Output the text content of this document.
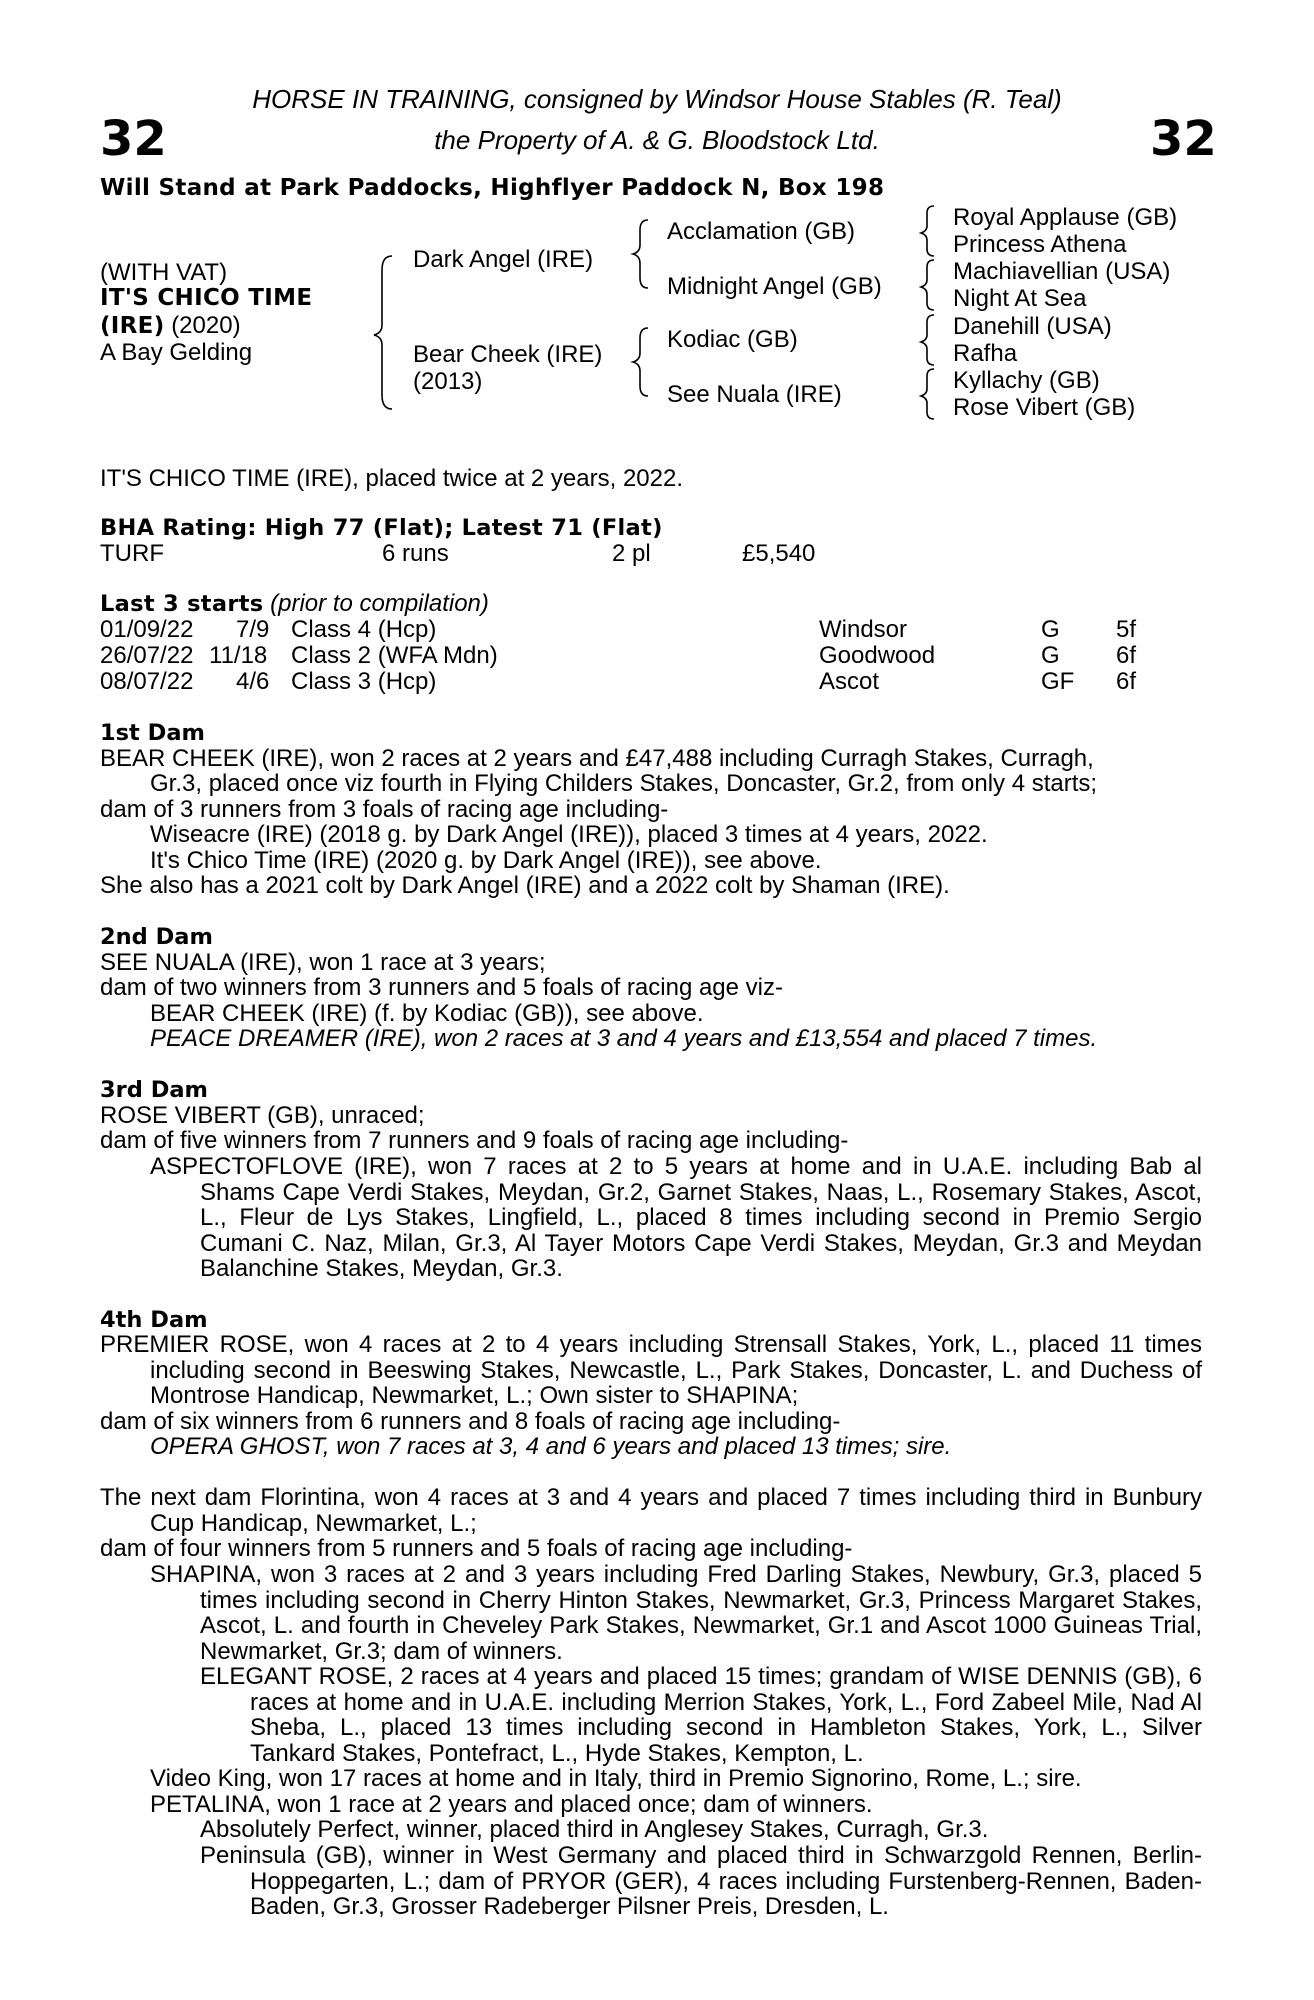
32	32
HORSE IN TRAINING, consigned by Windsor House Stables (R. Teal)
the Property of A. & G. Bloodstock Ltd.
Will Stand at Park Paddocks, Highflyer Paddock N, Box 198
(WITH VAT)
IT'S CHICO TIME
(IRE) (2020)
A Bay Gelding
Dark Angel (IRE)
Bear Cheek (IRE)
(2013)
Acclamation (GB)
Midnight Angel (GB)
Kodiac (GB)
See Nuala (IRE)
Royal Applause (GB)
Princess Athena
Machiavellian (USA)
Night At Sea
Danehill (USA)
Rafha
Kyllachy (GB)
Rose Vibert (GB)
IT'S CHICO TIME (IRE), placed twice at 2 years, 2022.
BHA Rating: High 77 (Flat); Latest 71 (Flat)
TURF	6 runs	2 pl	£5,540
Last 3 starts (prior to compilation)
01/09/22 7/9 Class 4 (Hcp)	Windsor	G 5f
26/07/22 11/18 Class 2 (WFA Mdn)	Goodwood	G 6f
08/07/22 4/6 Class 3 (Hcp)	Ascot	GF 6f
1st Dam
BEAR CHEEK (IRE), won 2 races at 2 years and £47,488 including Curragh Stakes, Curragh,
Gr.3, placed once viz fourth in Flying Childers Stakes, Doncaster, Gr.2, from only 4 starts;
dam of 3 runners from 3 foals of racing age including-
Wiseacre (IRE) (2018 g. by Dark Angel (IRE)), placed 3 times at 4 years, 2022.
It's Chico Time (IRE) (2020 g. by Dark Angel (IRE)), see above.
She also has a 2021 colt by Dark Angel (IRE) and a 2022 colt by Shaman (IRE).
2nd Dam
SEE NUALA (IRE), won 1 race at 3 years;
dam of two winners from 3 runners and 5 foals of racing age viz-
BEAR CHEEK (IRE) (f. by Kodiac (GB)), see above.
PEACE DREAMER (IRE), won 2 races at 3 and 4 years and £13,554 and placed 7 times.
3rd Dam
ROSE VIBERT (GB), unraced;
dam of five winners from 7 runners and 9 foals of racing age including-
ASPECTOFLOVE (IRE), won 7 races at 2 to 5 years at home and in U.A.E. including Bab al Shams Cape Verdi Stakes, Meydan, Gr.2, Garnet Stakes, Naas, L., Rosemary Stakes, Ascot, L., Fleur de Lys Stakes, Lingfield, L., placed 8 times including second in Premio Sergio Cumani C. Naz, Milan, Gr.3, Al Tayer Motors Cape Verdi Stakes, Meydan, Gr.3 and Meydan Balanchine Stakes, Meydan, Gr.3.
4th Dam
PREMIER ROSE, won 4 races at 2 to 4 years including Strensall Stakes, York, L., placed 11 times including second in Beeswing Stakes, Newcastle, L., Park Stakes, Doncaster, L. and Duchess of Montrose Handicap, Newmarket, L.; Own sister to SHAPINA;
dam of six winners from 6 runners and 8 foals of racing age including-
OPERA GHOST, won 7 races at 3, 4 and 6 years and placed 13 times; sire.
The next dam Florintina, won 4 races at 3 and 4 years and placed 7 times including third in Bunbury Cup Handicap, Newmarket, L.;
dam of four winners from 5 runners and 5 foals of racing age including-
SHAPINA, won 3 races at 2 and 3 years including Fred Darling Stakes, Newbury, Gr.3, placed 5 times including second in Cherry Hinton Stakes, Newmarket, Gr.3, Princess Margaret Stakes, Ascot, L. and fourth in Cheveley Park Stakes, Newmarket, Gr.1 and Ascot 1000 Guineas Trial, Newmarket, Gr.3; dam of winners.
ELEGANT ROSE, 2 races at 4 years and placed 15 times; grandam of WISE DENNIS (GB), 6 races at home and in U.A.E. including Merrion Stakes, York, L., Ford Zabeel Mile, Nad Al Sheba, L., placed 13 times including second in Hambleton Stakes, York, L., Silver Tankard Stakes, Pontefract, L., Hyde Stakes, Kempton, L.
Video King, won 17 races at home and in Italy, third in Premio Signorino, Rome, L.; sire.
PETALINA, won 1 race at 2 years and placed once; dam of winners.
Absolutely Perfect, winner, placed third in Anglesey Stakes, Curragh, Gr.3.
Peninsula (GB), winner in West Germany and placed third in Schwarzgold Rennen, Berlin-Hoppegarten, L.; dam of PRYOR (GER), 4 races including Furstenberg-Rennen, Baden-Baden, Gr.3, Grosser Radeberger Pilsner Preis, Dresden, L.
